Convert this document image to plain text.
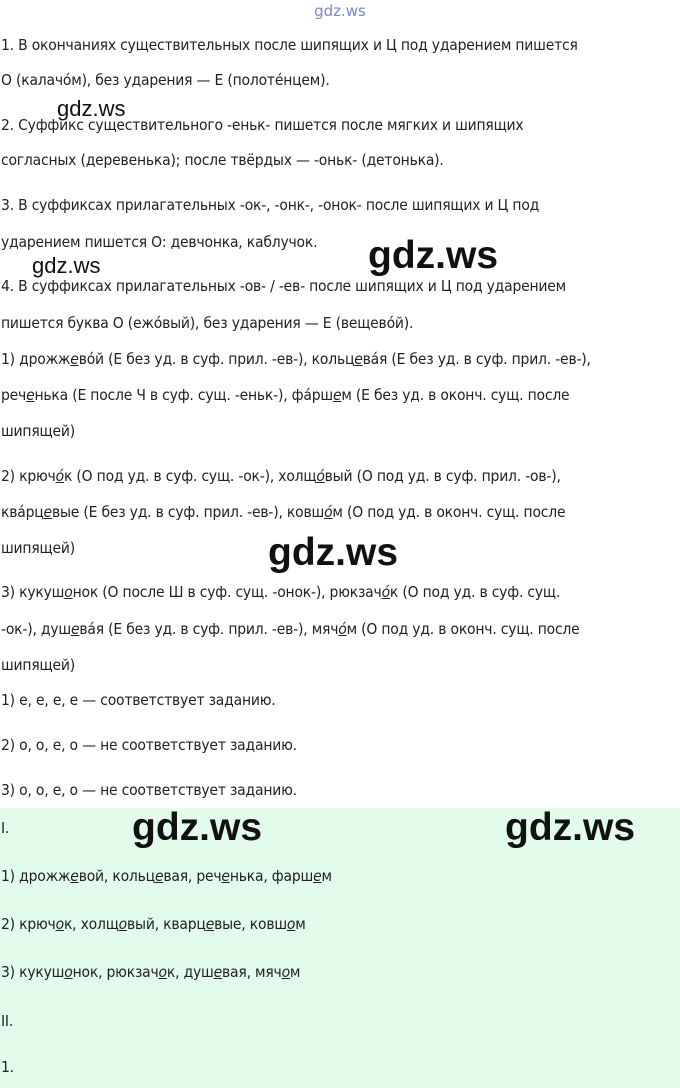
gdz.ws
1. В окончаниях существительных после шипящих и Ц под ударением пишется
О (калачо́м), без ударения — Е (полоте́нцем).
gdz.ws
2. Суффикс существительного -еньк- пишется после мягких и шипящих
согласных (деревенька); после твёрдых — -оньк- (детонька).
3. В суффиксах прилагательных -ок-, -онк-, -онок- после шипящих и Ц под
ударением пишется О: девчонка, каблучок. gdz.ws
gdz.ws
4. В суффиксах прилагательных -ов- / -ев- после шипящих и Ц под ударением
пишется буква О (ежо́вый), без ударения — Е (вещево́й).
1) дрожжево́й (Е без уд. в суф. прил. -ев-), кольцева́я (Е без уд. в суф. прил. -ев-),
реченька (Е после Ч в суф. сущ. -еньк-), фа́ршем (Е без уд. в оконч. сущ. после
шипящей)
2) крючо́к (О под уд. в суф. сущ. -ок-), холщо́вый (О под уд. в суф. прил. -ов-),
ква́рцевые (Е без уд. в суф. прил. -ев-), ковшо́м (О под уд. в оконч. сущ. после
шипящей)	gdz.ws
3) кукушонок (О после Ш в суф. сущ. -онок-), рюкзачо́к (О под уд. в суф. сущ.
-ок-), душева́я (Е без уд. в суф. прил. -ев-), мячо́м (О под уд. в оконч. сущ. после
шипящей)
1) е, е, е, е — соответствует заданию.
2) о, о, е, о — не соответствует заданию.
3) о, о, е, о — не соответствует заданию.
I.	gdz.ws	gdz.ws
1) дрожжевой, кольцевая, реченька, фаршем
2) крючок, холщовый, кварцевые, ковшом
3) кукушонок, рюкзачок, душевая, мячом
II.
1.
